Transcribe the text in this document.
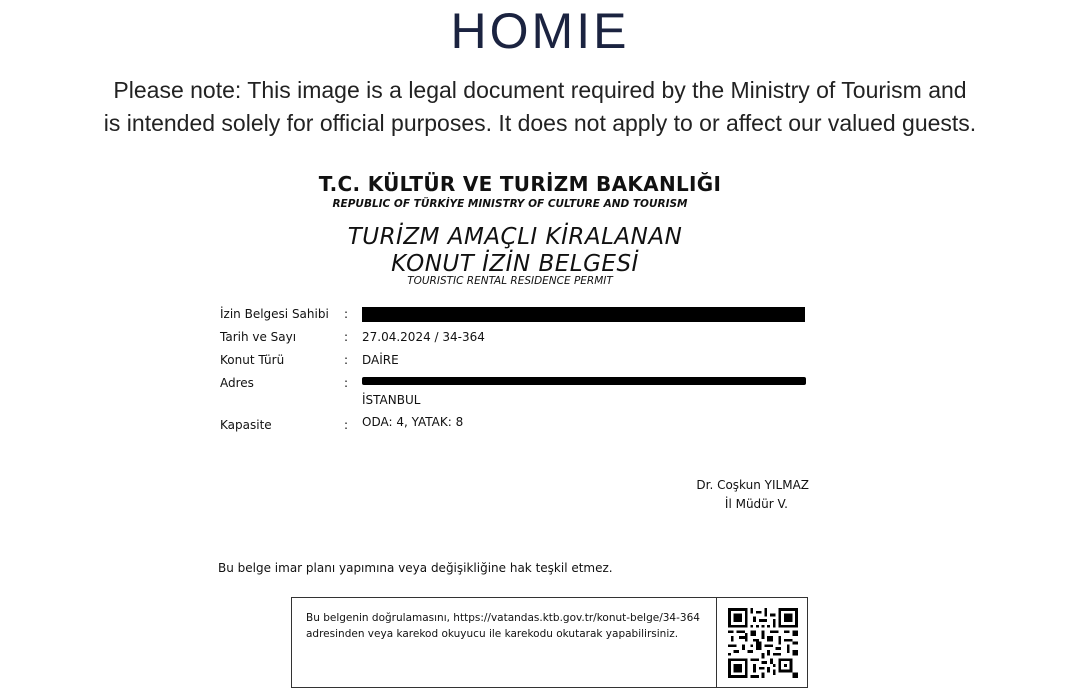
HOMIE
Please note: This image is a legal document required by the Ministry of Tourism and
is intended solely for official purposes. It does not apply to or affect our valued guests.
T.C. KÜLTÜR VE TURİZM BAKANLIĞI
REPUBLIC OF TÜRKİYE MINISTRY OF CULTURE AND TOURISM
TURİZM AMAÇLI KİRALANAN
KONUT İZİN BELGESİ
TOURISTIC RENTAL RESIDENCE PERMIT
İzin Belgesi Sahibi	:
Tarih ve Sayı	: 27.04.2024 / 34-364
Konut Türü	: DAİRE
Adres	:
İSTANBUL
Kapasite	: ODA: 4, YATAK: 8
Dr. Coşkun YILMAZ
İl Müdür V.
Bu belge imar planı yapımına veya değişikliğine hak teşkil etmez.
Bu belgenin doğrulamasını, https://vatandas.ktb.gov.tr/konut-belge/34-364
adresinden veya karekod okuyucu ile karekodu okutarak yapabilirsiniz.
